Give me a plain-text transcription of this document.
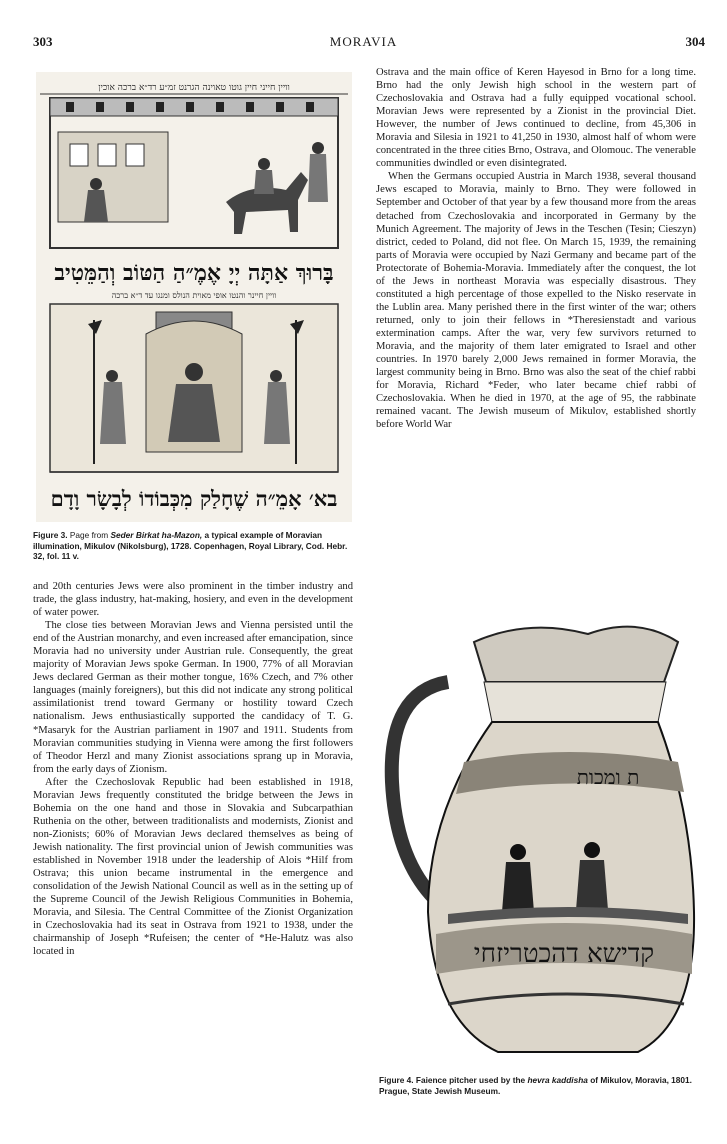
303	MORAVIA	304
וויין חייני חיין גוטו טאוינה הגרנט זמ״ע רד״א ברכה אוכין
בָּרוּךְ אַתָּה יְיָ אֶמֶ״הַ הַטּוֹב וְהַמֵּטִיב
וויין חיינר והנטו אופי מאוית הנולס ומנגו עד ד״א ברכה
בא׳ אָמֵ״ה שֶׁחָלַק מִכְּבוֹדוֹ לְבָשָׂר וָדָם
Figure 3. Page from Seder Birkat ha-Mazon, a typical example of Moravian illumination, Mikulov (Nikolsburg), 1728. Copenhagen, Royal Library, Cod. Hebr. 32, fol. 11 v.

Ostrava and the main office of Keren Hayesod in Brno for a long time. Brno had the only Jewish high school in the western part of Czechoslovakia and Ostrava had a fully equipped vocational school. Moravian Jews were represented by a Zionist in the provincial Diet. However, the number of Jews continued to decline, from 45,306 in Moravia and Silesia in 1921 to 41,250 in 1930, almost half of whom were concentrated in the three cities Brno, Ostrava, and Olomouc. The venerable communities dwindled or even disintegrated.

When the Germans occupied Austria in March 1938, several thousand Jews escaped to Moravia, mainly to Brno. They were followed in September and October of that year by a few thousand more from the areas detached from Czechoslovakia and incorporated in Germany by the Munich Agreement. The majority of Jews in the Teschen (Tesin; Cieszyn) district, ceded to Poland, did not flee. On March 15, 1939, the remaining parts of Moravia were occupied by Nazi Germany and became part of the Protectorate of Bohemia-Moravia. Immediately after the conquest, the lot of the Jews in northeast Moravia was especially disastrous. They constituted a high percentage of those expelled to the Nisko reservate in the Lublin area. Many perished there in the first winter of the war; others returned, only to join their fellows in *Theresienstadt and various extermination camps. After the war, very few survivors returned to Moravia, and the majority of them later emigrated to Israel and other countries. In 1970 barely 2,000 Jews remained in former Moravia, the largest community being in Brno. Brno was also the seat of the chief rabbi for Moravia, Richard *Feder, who later became chief rabbi of Czechoslovakia. When he died in 1970, at the age of 95, the rabbinate remained vacant. The Jewish museum of Mikulov, established shortly before World War

and 20th centuries Jews were also prominent in the timber industry and trade, the glass industry, hat-making, hosiery, and even in the development of water power.

The close ties between Moravian Jews and Vienna persisted until the end of the Austrian monarchy, and even increased after emancipation, since Moravia had no university under Austrian rule. Consequently, the great majority of Moravian Jews spoke German. In 1900, 77% of all Moravian Jews declared German as their mother tongue, 16% Czech, and 7% other languages (mainly foreigners), but this did not indicate any strong political assimilationist trend toward Germany or hostility toward Czech nationalism. Jews enthusiastically supported the candidacy of T. G. *Masaryk for the Austrian parliament in 1907 and 1911. Students from Moravian communities studying in Vienna were among the first followers of Theodor Herzl and many Zionist associations sprang up in Moravia, from the early days of Zionism.

After the Czechoslovak Republic had been established in 1918, Moravian Jews frequently constituted the bridge between the Jews in Bohemia on the one hand and those in Slovakia and Subcarpathian Ruthenia on the other, between traditionalists and modernists, Zionist and non-Zionists; 60% of Moravian Jews declared themselves as being of Jewish nationality. The first provincial union of Jewish communities was established in November 1918 under the leadership of Alois *Hilf from Ostrava; this union became instrumental in the emergence and consolidation of the Jewish National Council as well as in the setting up of the Supreme Council of the Jewish Religious Communities in Bohemia, Moravia, and Silesia. The Central Committee of the Zionist Organization in Czechoslovakia had its seat in Ostrava from 1921 to 1938, under the chairmanship of Joseph *Rufeisen; the center of *He-Halutz was also located in

ת ומכות
קדישא דהכטריזחי
Figure 4. Faience pitcher used by the hevra kaddisha of Mikulov, Moravia, 1801. Prague, State Jewish Museum.
